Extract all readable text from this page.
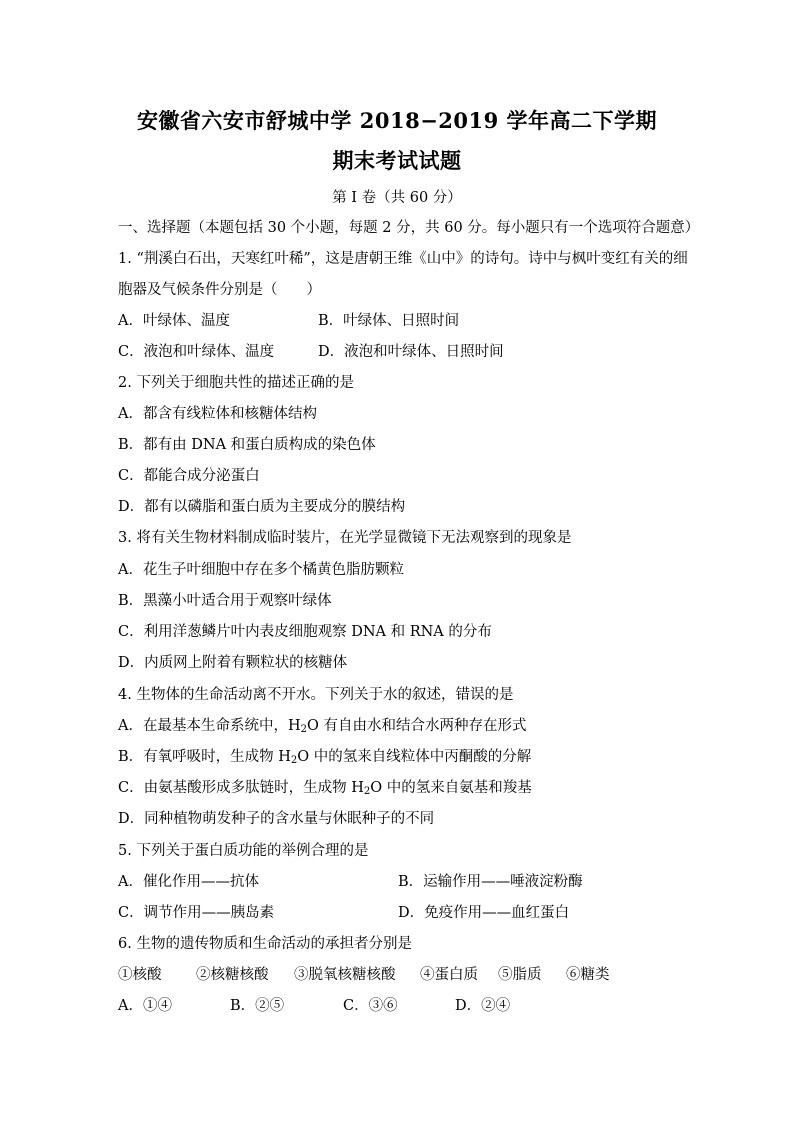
安徽省六安市舒城中学 2018−2019 学年高二下学期
期末考试试题
第 I 卷（共 60 分）
一、选择题（本题包括 30 个小题，每题 2 分，共 60 分。每小题只有一个选项符合题意）
1. “荆溪白石出，天寒红叶稀”，这是唐朝王维《山中》的诗句。诗中与枫叶变红有关的细
胞器及气候条件分别是（　　）
A．叶绿体、温度	B．叶绿体、日照时间
C．液泡和叶绿体、温度	D．液泡和叶绿体、日照时间
2. 下列关于细胞共性的描述正确的是
A．都含有线粒体和核糖体结构
B．都有由 DNA 和蛋白质构成的染色体
C．都能合成分泌蛋白
D．都有以磷脂和蛋白质为主要成分的膜结构
3. 将有关生物材料制成临时装片，在光学显微镜下无法观察到的现象是
A．花生子叶细胞中存在多个橘黄色脂肪颗粒
B．黑藻小叶适合用于观察叶绿体
C．利用洋葱鳞片叶内表皮细胞观察 DNA 和 RNA 的分布
D．内质网上附着有颗粒状的核糖体
4. 生物体的生命活动离不开水。下列关于水的叙述，错误的是
A．在最基本生命系统中，$H_2O$ 有自由水和结合水两种存在形式
B．有氧呼吸时，生成物 $H_2O$ 中的氢来自线粒体中丙酮酸的分解
C．由氨基酸形成多肽链时，生成物 $H_2O$ 中的氢来自氨基和羧基
D．同种植物萌发种子的含水量与休眠种子的不同
5. 下列关于蛋白质功能的举例合理的是
A．催化作用——抗体	B．运输作用——唾液淀粉酶
C．调节作用——胰岛素	D．免疫作用——血红蛋白
6. 生物的遗传物质和生命活动的承担者分别是
①核酸 ②核糖核酸 ③脱氧核糖核酸 ④蛋白质 ⑤脂质 ⑥糖类
A．①④	B．②⑤	C．③⑥	D．②④
